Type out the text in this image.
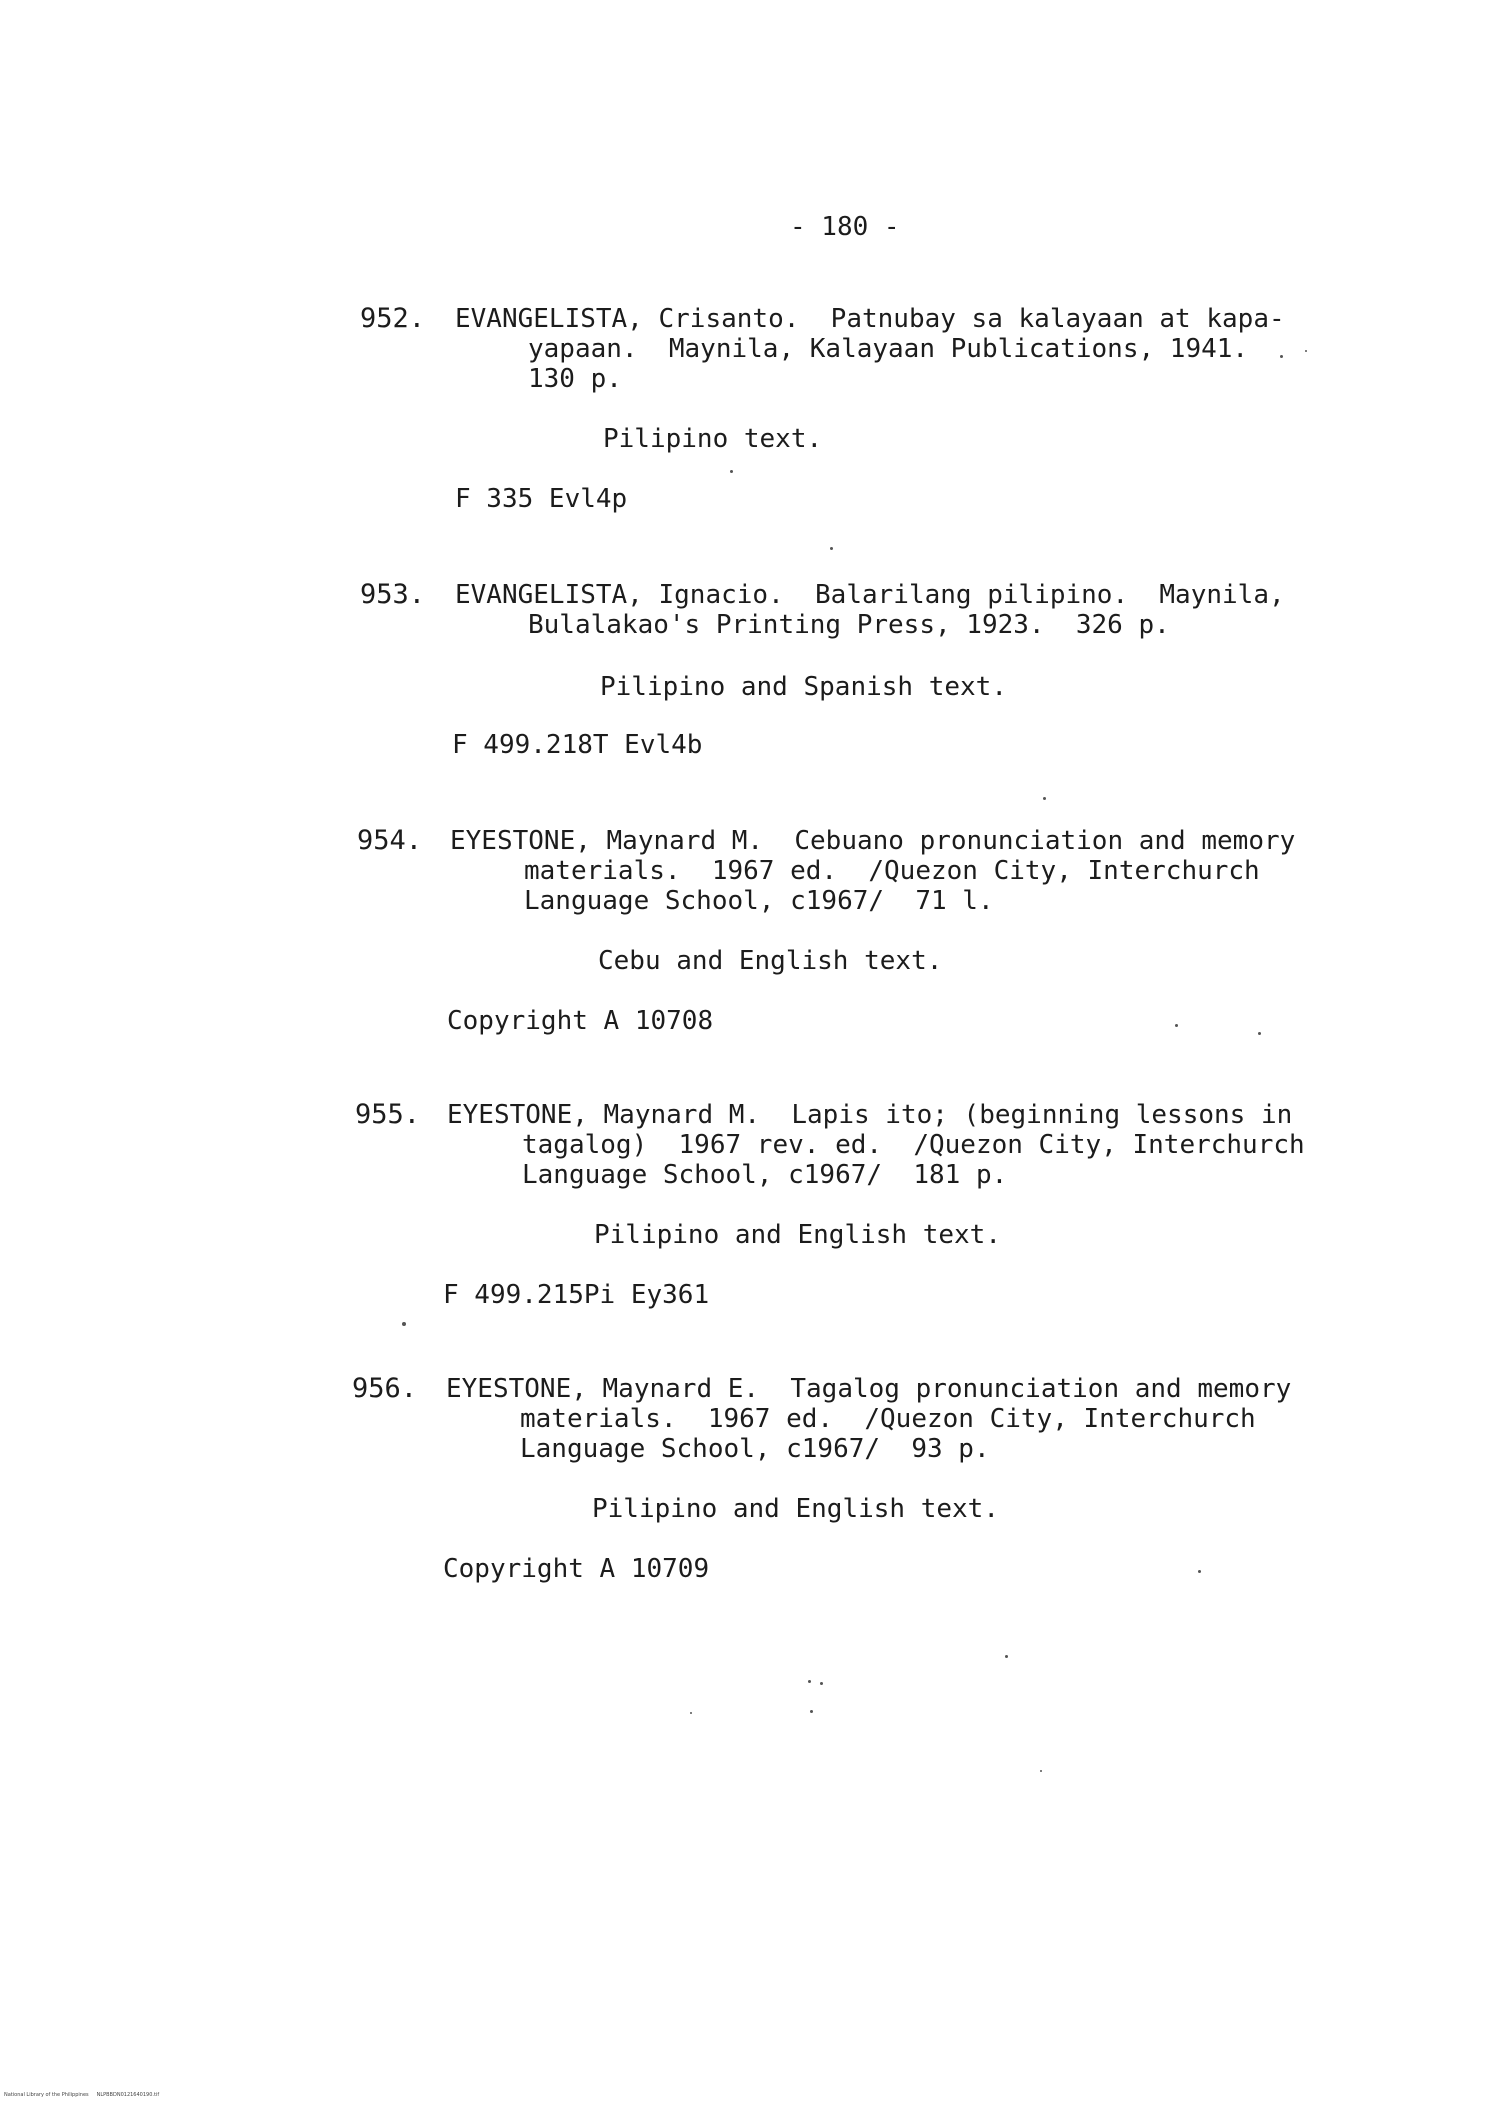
- 180 -
952. EVANGELISTA, Crisanto.  Patnubay sa kalayaan at kapa-
yapaan.  Maynila, Kalayaan Publications, 1941.
130 p.
Pilipino text.
F 335 Evl4p
953. EVANGELISTA, Ignacio.  Balarilang pilipino.  Maynila,
Bulalakao's Printing Press, 1923.  326 p.
Pilipino and Spanish text.
F 499.218T Evl4b
954. EYESTONE, Maynard M.  Cebuano pronunciation and memory
materials.  1967 ed.  /Quezon City, Interchurch
Language School, c1967/  71 l.
Cebu and English text.
Copyright A 10708
955. EYESTONE, Maynard M.  Lapis ito; (beginning lessons in
tagalog)  1967 rev. ed.  /Quezon City, Interchurch
Language School, c1967/  181 p.
Pilipino and English text.
F 499.215Pi Ey361
956. EYESTONE, Maynard E.  Tagalog pronunciation and memory
materials.  1967 ed.  /Quezon City, Interchurch
Language School, c1967/  93 p.
Pilipino and English text.
Copyright A 10709
National Library of the Philippines     NLPBBDN0121640190.tif
